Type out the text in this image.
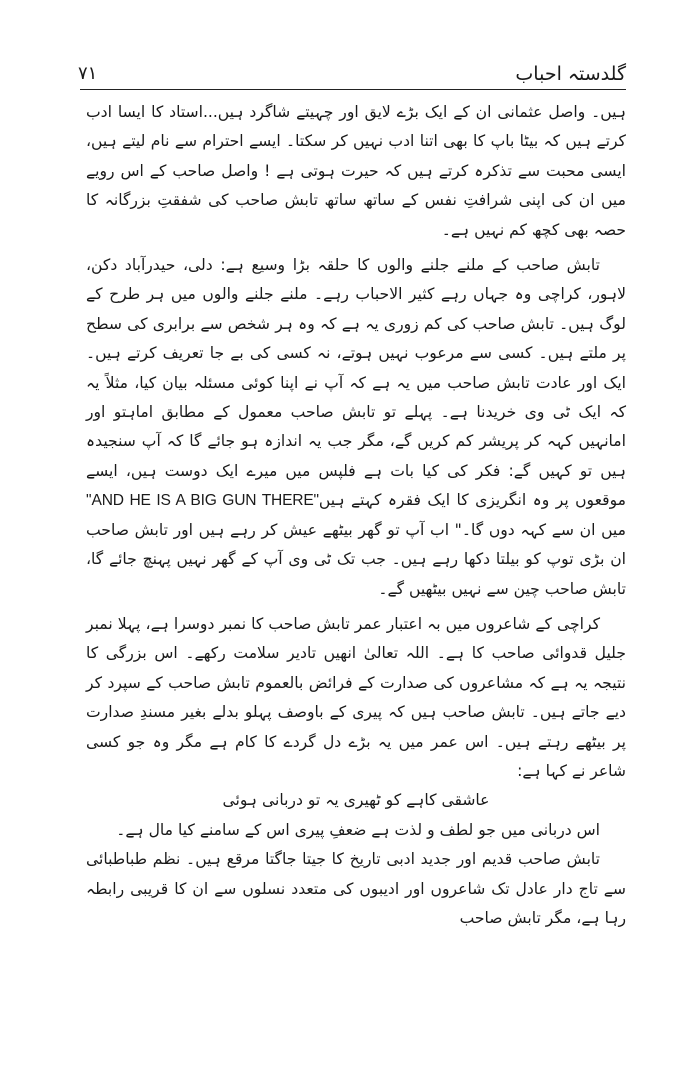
گلدستہ احباب
٧١

ہیں۔ واصل عثمانی ان کے ایک بڑے لایق اور چہیتے شاگرد ہیں...استاد کا ایسا ادب کرتے ہیں کہ بیٹا باپ کا بھی اتنا ادب نہیں کر سکتا۔ ایسے احترام سے نام لیتے ہیں، ایسی محبت سے تذکرہ کرتے ہیں کہ حیرت ہوتی ہے ! واصل صاحب کے اس رویے میں ان کی اپنی شرافتِ نفس کے ساتھ ساتھ تابش صاحب کی شفقتِ بزرگانہ کا حصہ بھی کچھ کم نہیں ہے۔

تابش صاحب کے ملنے جلنے والوں کا حلقہ بڑا وسیع ہے: دلی، حیدرآباد دکن، لاہور، کراچی وہ جہاں رہے کثیر الاحباب رہے۔ ملنے جلنے والوں میں ہر طرح کے لوگ ہیں۔ تابش صاحب کی کم زوری یہ ہے کہ وہ ہر شخص سے برابری کی سطح پر ملتے ہیں۔ کسی سے مرعوب نہیں ہوتے، نہ کسی کی بے جا تعریف کرتے ہیں۔ ایک اور عادت تابش صاحب میں یہ ہے کہ آپ نے اپنا کوئی مسئلہ بیان کیا، مثلاً یہ کہ ایک ٹی وی خریدنا ہے۔ پہلے تو تابش صاحب معمول کے مطابق اماہتو اور امانہیں کہہ کر پریشر کم کریں گے، مگر جب یہ اندازہ ہو جائے گا کہ آپ سنجیدہ ہیں تو کہیں گے: فکر کی کیا بات ہے فلپس میں میرے ایک دوست ہیں، ایسے موقعوں پر وہ انگریزی کا ایک فقرہ کہتے ہیں"AND HE IS A BIG GUN THERE" میں ان سے کہہ دوں گا۔" اب آپ تو گھر بیٹھے عیش کر رہے ہیں اور تابش صاحب ان بڑی توپ کو بیلتا دکھا رہے ہیں۔ جب تک ٹی وی آپ کے گھر نہیں پہنچ جائے گا، تابش صاحب چین سے نہیں بیٹھیں گے۔

کراچی کے شاعروں میں بہ اعتبار عمر تابش صاحب کا نمبر دوسرا ہے، پہلا نمبر جلیل قدوائی صاحب کا ہے۔ اللہ تعالیٰ انھیں تادیر سلامت رکھے۔ اس بزرگی کا نتیجہ یہ ہے کہ مشاعروں کی صدارت کے فرائض بالعموم تابش صاحب کے سپرد کر دیے جاتے ہیں۔ تابش صاحب ہیں کہ پیری کے باوصف پہلو بدلے بغیر مسندِ صدارت پر بیٹھے رہتے ہیں۔ اس عمر میں یہ بڑے دل گردے کا کام ہے مگر وہ جو کسی شاعر نے کہا ہے:

عاشقی کاہے کو ٹھیری یہ تو دربانی ہوئی

اس دربانی میں جو لطف و لذت ہے ضعفِ پیری اس کے سامنے کیا مال ہے۔

تابش صاحب قدیم اور جدید ادبی تاریخ کا جیتا جاگتا مرقع ہیں۔ نظم طباطبائی سے تاج دار عادل تک شاعروں اور ادیبوں کی متعدد نسلوں سے ان کا قریبی رابطہ رہا ہے، مگر تابش صاحب
